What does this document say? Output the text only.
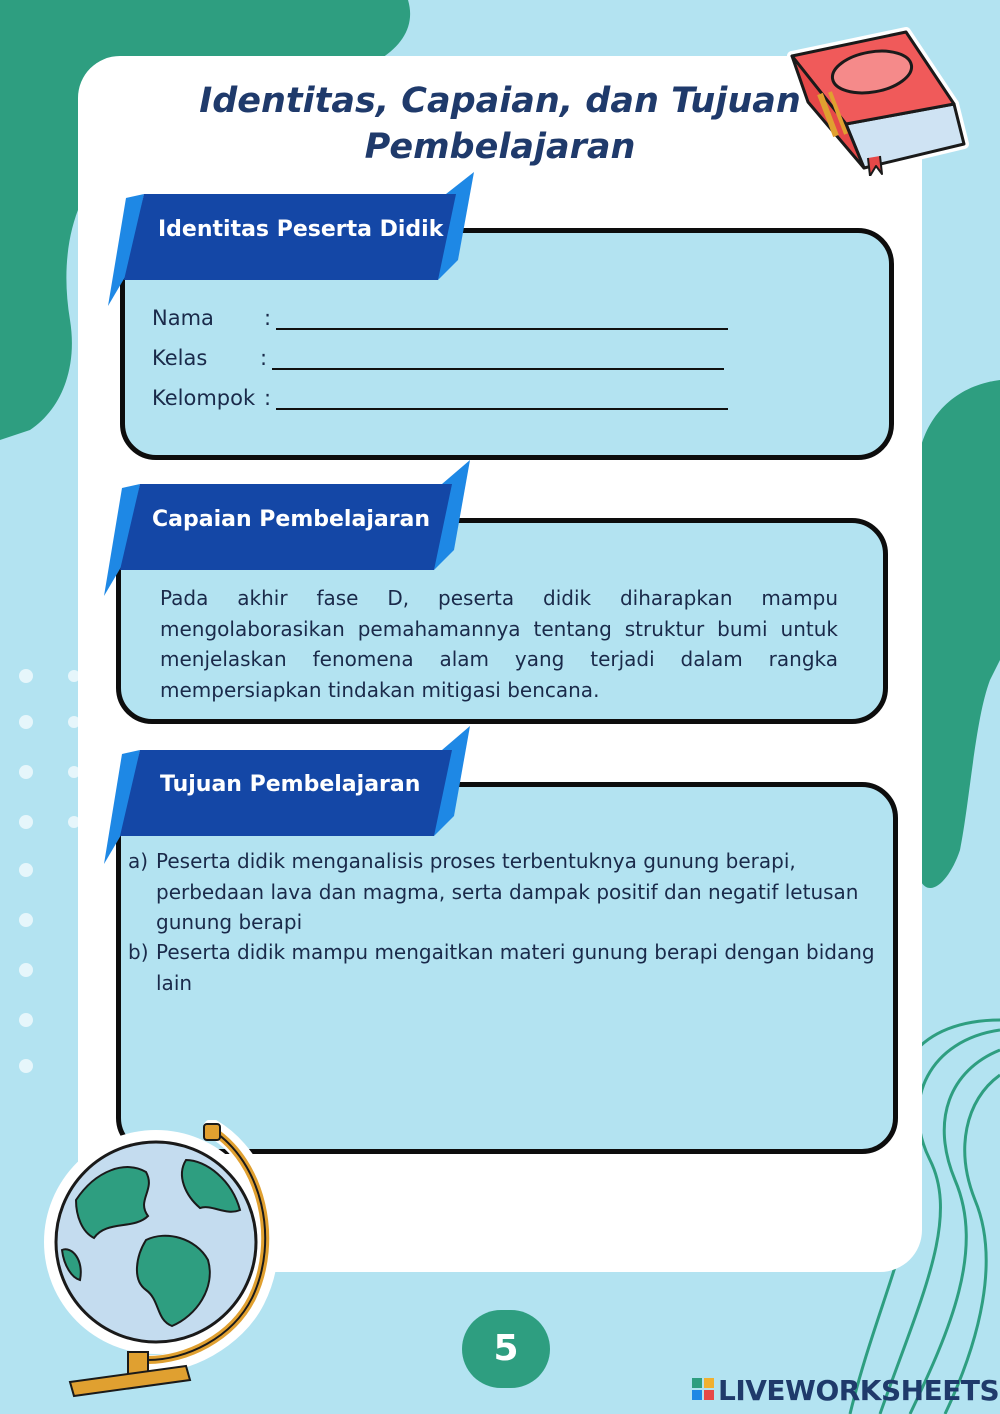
Identitas, Capaian, dan Tujuan
Pembelajaran
Identitas Peserta Didik
Nama :
Kelas	:
Kelompok :
Capaian Pembelajaran
Pada akhir fase D, peserta didik diharapkan mampu mengolaborasikan pemahamannya tentang struktur bumi untuk menjelaskan fenomena alam yang terjadi dalam rangka mempersiapkan tindakan mitigasi bencana.
Tujuan Pembelajaran
a) Peserta didik menganalisis proses terbentuknya gunung berapi, perbedaan lava dan magma, serta dampak positif dan negatif letusan gunung berapi
b) Peserta didik mampu mengaitkan materi gunung berapi dengan bidang lain
5
LIVEWORKSHEETS
